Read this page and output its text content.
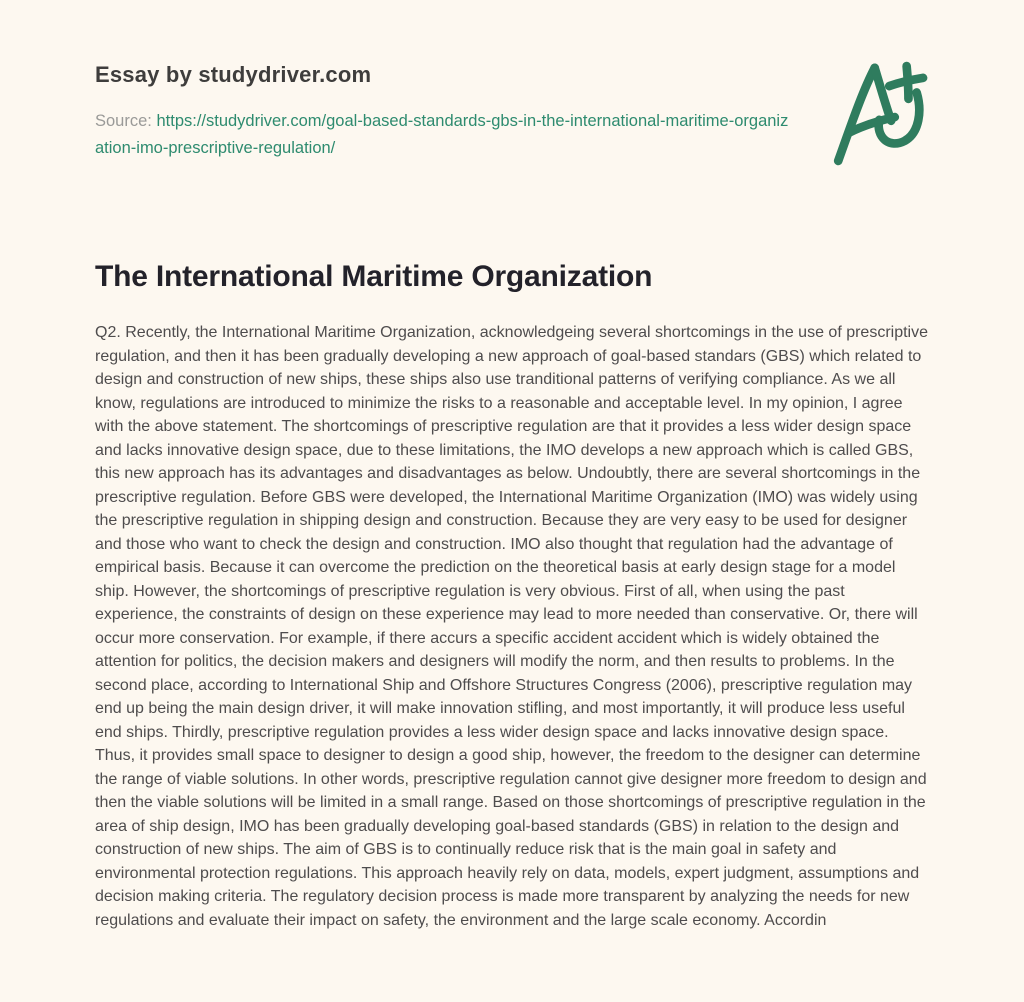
Essay by studydriver.com

Source: https://studydriver.com/goal-based-standards-gbs-in-the-international-maritime-organization-imo-prescriptive-regulation/

The International Maritime Organization

Q2. Recently, the International Maritime Organization, acknowledgeing several shortcomings in the use of prescriptive regulation, and then it has been gradually developing a new approach of goal-based standars (GBS) which related to design and construction of new ships, these ships also use tranditional patterns of verifying compliance. As we all know, regulations are introduced to minimize the risks to a reasonable and acceptable level. In my opinion, I agree with the above statement. The shortcomings of prescriptive regulation are that it provides a less wider design space and lacks innovative design space, due to these limitations, the IMO develops a new approach which is called GBS, this new approach has its advantages and disadvantages as below. Undoubtly, there are several shortcomings in the prescriptive regulation. Before GBS were developed, the International Maritime Organization (IMO) was widely using the prescriptive regulation in shipping design and construction. Because they are very easy to be used for designer and those who want to check the design and construction. IMO also thought that regulation had the advantage of empirical basis. Because it can overcome the prediction on the theoretical basis at early design stage for a model ship. However, the shortcomings of prescriptive regulation is very obvious. First of all, when using the past experience, the constraints of design on these experience may lead to more needed than conservative. Or, there will occur more conservation. For example, if there accurs a specific accident accident which is widely obtained the attention for politics, the decision makers and designers will modify the norm, and then results to problems. In the second place, according to International Ship and Offshore Structures Congress (2006), prescriptive regulation may end up being the main design driver, it will make innovation stifling, and most importantly, it will produce less useful end ships. Thirdly, prescriptive regulation provides a less wider design space and lacks innovative design space. Thus, it provides small space to designer to design a good ship, however, the freedom to the designer can determine the range of viable solutions. In other words, prescriptive regulation cannot give designer more freedom to design and then the viable solutions will be limited in a small range. Based on those shortcomings of prescriptive regulation in the area of ship design, IMO has been gradually developing goal-based standards (GBS) in relation to the design and construction of new ships. The aim of GBS is to continually reduce risk that is the main goal in safety and environmental protection regulations. This approach heavily rely on data, models, expert judgment, assumptions and decision making criteria. The regulatory decision process is made more transparent by analyzing the needs for new regulations and evaluate their impact on safety, the environment and the large scale economy. Accordin
